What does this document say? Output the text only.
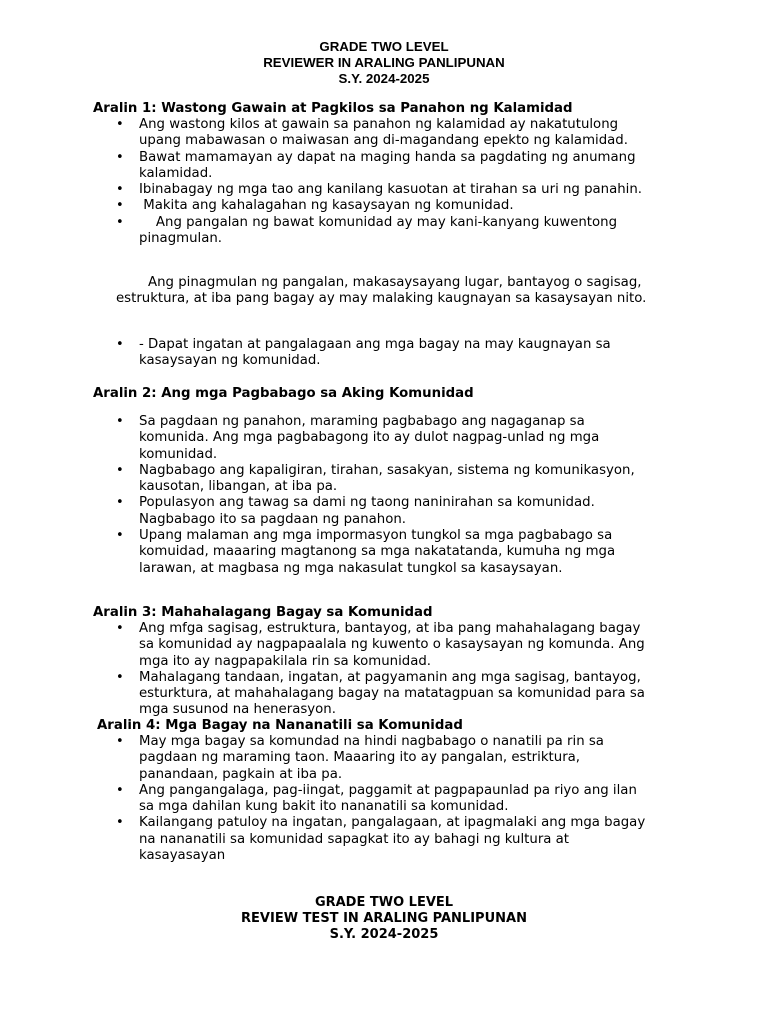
GRADE TWO LEVEL
REVIEWER IN ARALING PANLIPUNAN
S.Y. 2024-2025
Aralin 1: Wastong Gawain at Pagkilos sa Panahon ng Kalamidad
• Ang wastong kilos at gawain sa panahon ng kalamidad ay nakatutulong upang mabawasan o maiwasan ang di-magandang epekto ng kalamidad.
• Bawat mamamayan ay dapat na maging handa sa pagdating ng anumang kalamidad.
• Ibinabagay ng mga tao ang kanilang kasuotan at tirahan sa uri ng panahin.
•  Makita ang kahalagahan ng kasaysayan ng komunidad.
•     Ang pangalan ng bawat komunidad ay may kani-kanyang kuwentong pinagmulan.

Ang pinagmulan ng pangalan, makasaysayang lugar, bantayog o sagisag, estruktura, at iba pang bagay ay may malaking kaugnayan sa kasaysayan nito.

• - Dapat ingatan at pangalagaan ang mga bagay na may kaugnayan sa kasaysayan ng komunidad.
Aralin 2: Ang mga Pagbabago sa Aking Komunidad
• Sa pagdaan ng panahon, maraming pagbabago ang nagaganap sa komunida. Ang mga pagbabagong ito ay dulot nagpag-unlad ng mga komunidad.
• Nagbabago ang kapaligiran, tirahan, sasakyan, sistema ng komunikasyon, kausotan, libangan, at iba pa.
• Populasyon ang tawag sa dami ng taong naninirahan sa komunidad. Nagbabago ito sa pagdaan ng panahon.
• Upang malaman ang mga impormasyon tungkol sa mga pagbabago sa komuidad, maaaring magtanong sa mga nakatatanda, kumuha ng mga larawan, at magbasa ng mga nakasulat tungkol sa kasaysayan.
Aralin 3: Mahahalagang Bagay sa Komunidad
• Ang mfga sagisag, estruktura, bantayog, at iba pang mahahalagang bagay sa komunidad ay nagpapaalala ng kuwento o kasaysayan ng komunda. Ang mga ito ay nagpapakilala rin sa komunidad.
• Mahalagang tandaan, ingatan, at pagyamanin ang mga sagisag, bantayog, esturktura, at mahahalagang bagay na matatagpuan sa komunidad para sa mga susunod na henerasyon.
Aralin 4: Mga Bagay na Nananatili sa Komunidad
• May mga bagay sa komundad na hindi nagbabago o nanatili pa rin sa pagdaan ng maraming taon. Maaaring ito ay pangalan, estriktura, panandaan, pagkain at iba pa.
• Ang pangangalaga, pag-iingat, paggamit at pagpapaunlad pa riyo ang ilan sa mga dahilan kung bakit ito nananatili sa komunidad.
• Kailangang patuloy na ingatan, pangalagaan, at ipagmalaki ang mga bagay na nananatili sa komunidad sapagkat ito ay bahagi ng kultura at kasayasayan
GRADE TWO LEVEL
REVIEW TEST IN ARALING PANLIPUNAN
S.Y. 2024-2025
